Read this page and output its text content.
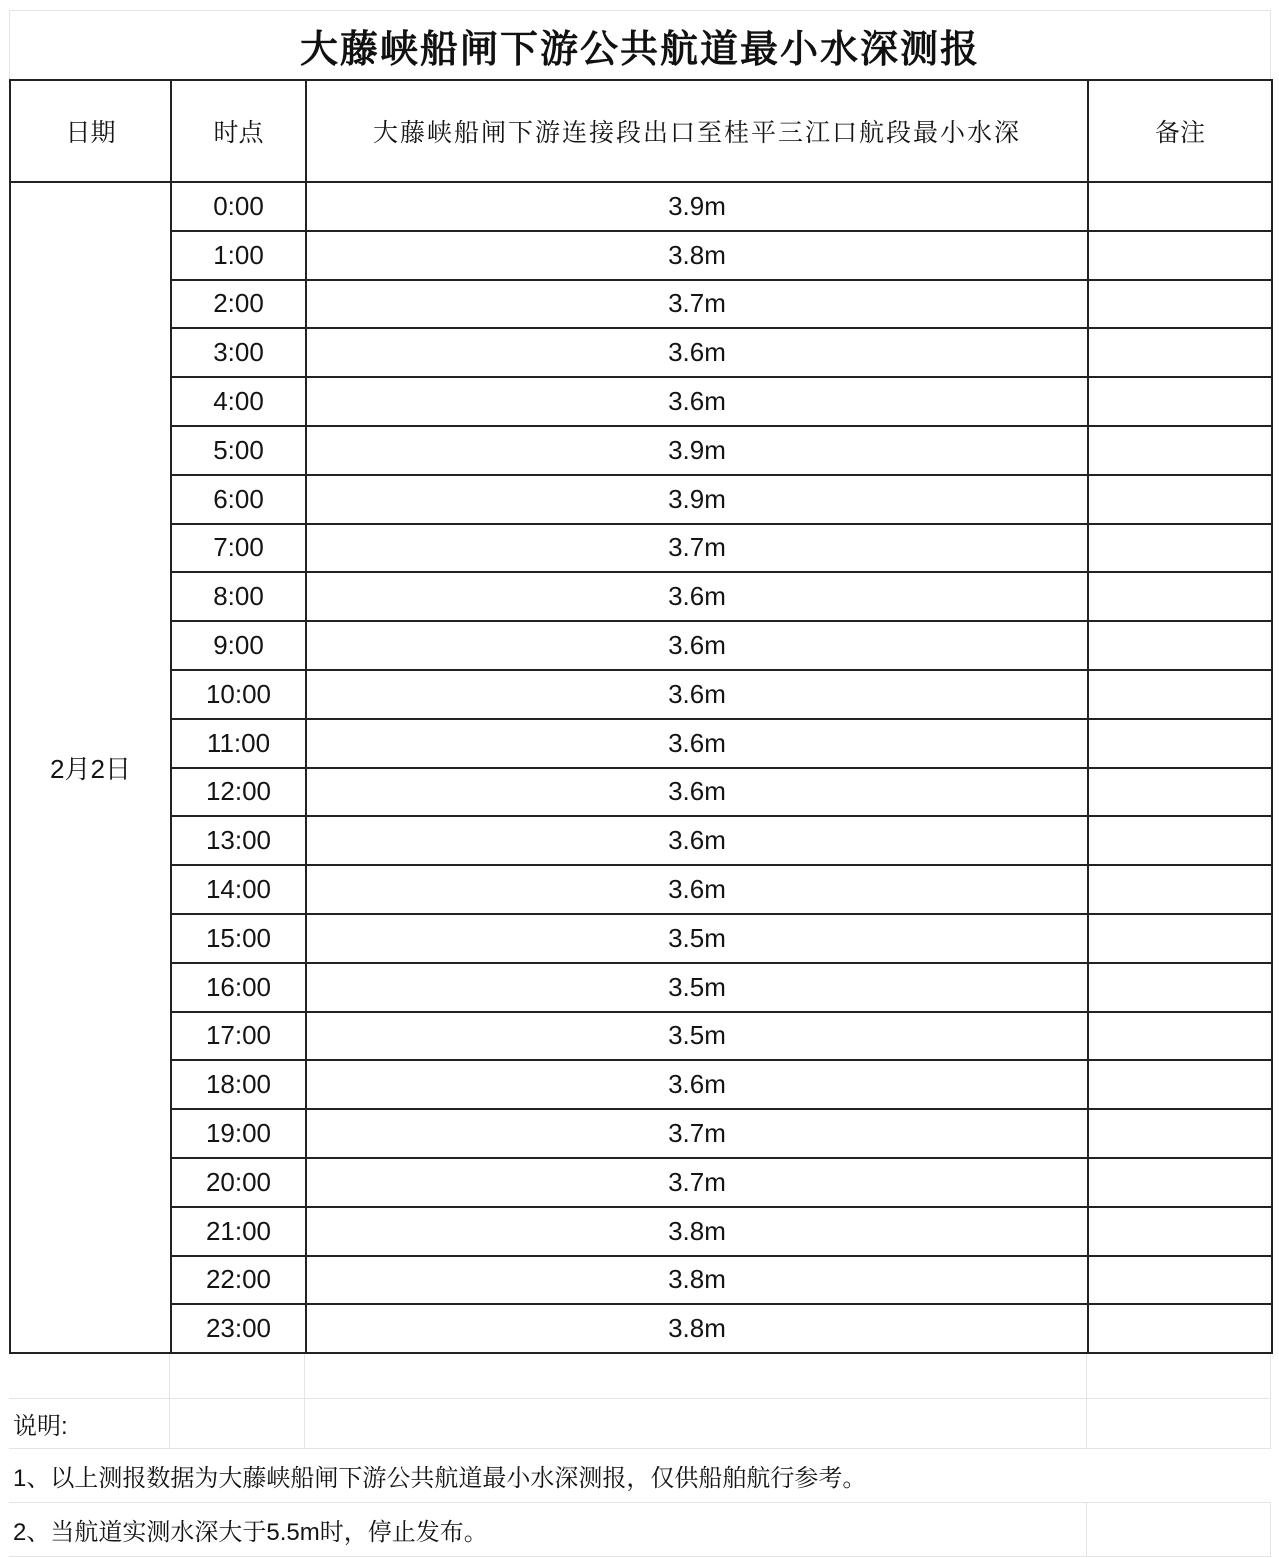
大藤峡船闸下游公共航道最小水深测报
日期	时点	大藤峡船闸下游连接段出口至桂平三江口航段最小水深	备注
2月2日	0:00	3.9m	
	1:00	3.8m	
	2:00	3.7m	
	3:00	3.6m	
	4:00	3.6m	
	5:00	3.9m	
	6:00	3.9m	
	7:00	3.7m	
	8:00	3.6m	
	9:00	3.6m	
	10:00	3.6m	
	11:00	3.6m	
	12:00	3.6m	
	13:00	3.6m	
	14:00	3.6m	
	15:00	3.5m	
	16:00	3.5m	
	17:00	3.5m	
	18:00	3.6m	
	19:00	3.7m	
	20:00	3.7m	
	21:00	3.8m	
	22:00	3.8m	
	23:00	3.8m	
说明:
1、以上测报数据为大藤峡船闸下游公共航道最小水深测报，仅供船舶航行参考。
2、当航道实测水深大于5.5m时，停止发布。
